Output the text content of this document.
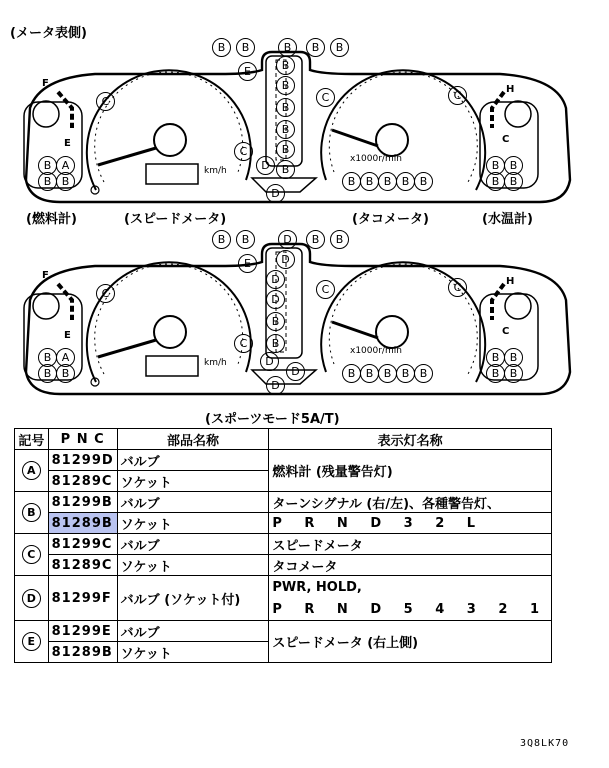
(メータ表側)
F
E
H
C
km/h
x1000r/min
B	B	B	B	B
E	B
B
B
B
B
C	C	C
C
D	B
D
B A
B B
B B
B B
B B B B B
(燃料計)	(スピードメータ)	(タコメータ)	(水温計)
F
E
H
C
km/h
x1000r/min
B	B	D	B	B
E	D
D
D
B
B
C	C	C
C
D
D
D
B A
B B
B B
B B
B B B B B
(スポーツモード5A/T)
記号	P N C	部品名称	表示灯名称
A	81299D	バルブ	燃料計 (残量警告灯)
	81289C	ソケット	
B	81299B	バルブ	ターンシグナル (右/左)、各種警告灯、
	81289B	ソケット	P R N D 3 2 L
C	81299C	バルブ	スピードメータ
	81289C	ソケット	タコメータ
D	81299F	バルブ (ソケット付)	PWR, HOLD,
			P R N D 5 4 3 2 1
E	81299E	バルブ	スピードメータ (右上側)
	81289B	ソケット	
3Q8LK70
